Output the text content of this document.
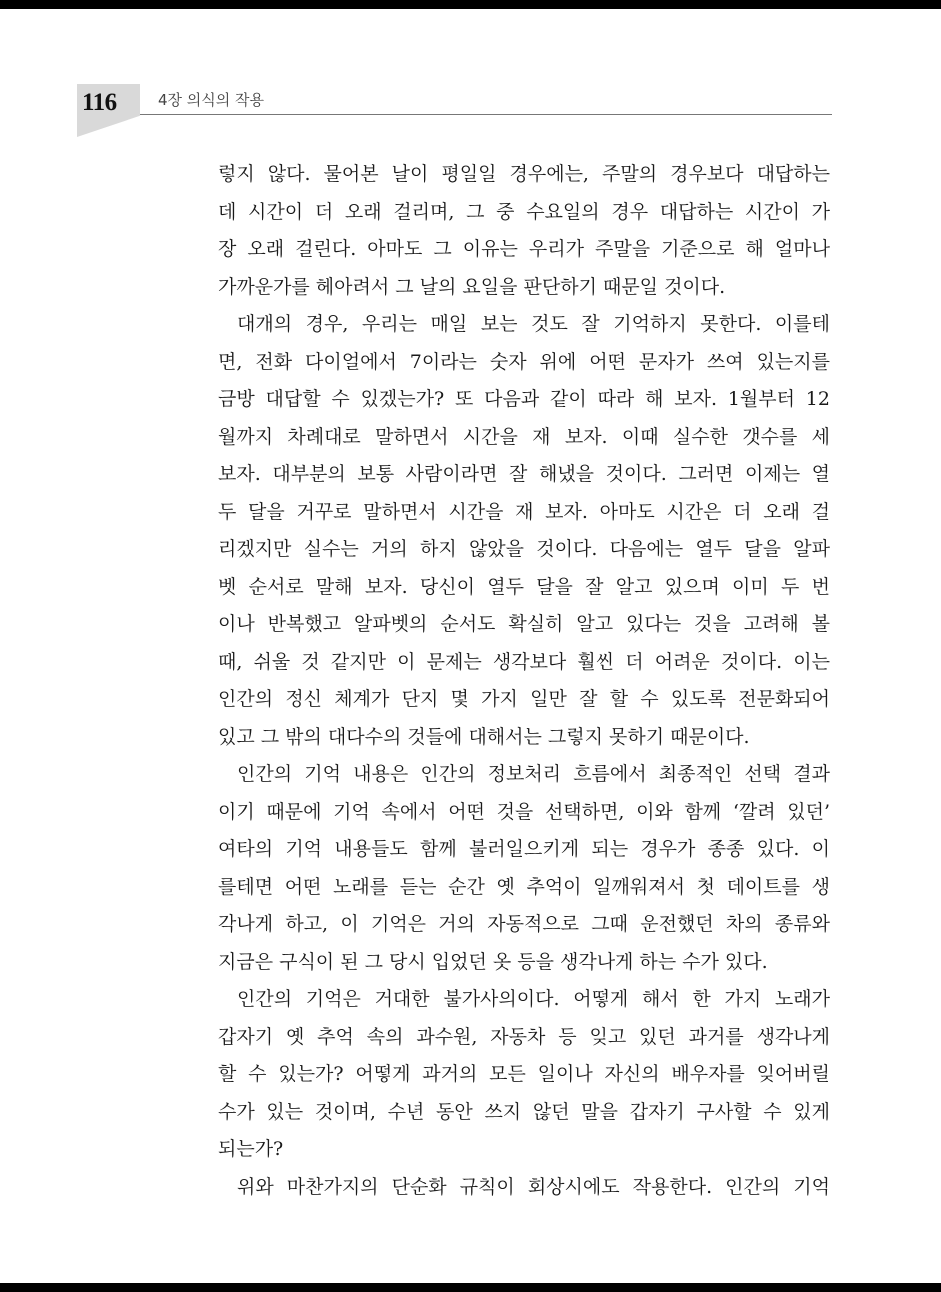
116	4장 의식의 작용
렇지 않다. 물어본 날이 평일일 경우에는, 주말의 경우보다 대답하는
데 시간이 더 오래 걸리며, 그 중 수요일의 경우 대답하는 시간이 가
장 오래 걸린다. 아마도 그 이유는 우리가 주말을 기준으로 해 얼마나
가까운가를 헤아려서 그 날의 요일을 판단하기 때문일 것이다.
대개의 경우, 우리는 매일 보는 것도 잘 기억하지 못한다. 이를테
면, 전화 다이얼에서 7이라는 숫자 위에 어떤 문자가 쓰여 있는지를
금방 대답할 수 있겠는가? 또 다음과 같이 따라 해 보자. 1월부터 12
월까지 차례대로 말하면서 시간을 재 보자. 이때 실수한 갯수를 세
보자. 대부분의 보통 사람이라면 잘 해냈을 것이다. 그러면 이제는 열
두 달을 거꾸로 말하면서 시간을 재 보자. 아마도 시간은 더 오래 걸
리겠지만 실수는 거의 하지 않았을 것이다. 다음에는 열두 달을 알파
벳 순서로 말해 보자. 당신이 열두 달을 잘 알고 있으며 이미 두 번
이나 반복했고 알파벳의 순서도 확실히 알고 있다는 것을 고려해 볼
때, 쉬울 것 같지만 이 문제는 생각보다 훨씬 더 어려운 것이다. 이는
인간의 정신 체계가 단지 몇 가지 일만 잘 할 수 있도록 전문화되어
있고 그 밖의 대다수의 것들에 대해서는 그렇지 못하기 때문이다.
인간의 기억 내용은 인간의 정보처리 흐름에서 최종적인 선택 결과
이기 때문에 기억 속에서 어떤 것을 선택하면, 이와 함께 ‘깔려 있던’
여타의 기억 내용들도 함께 불러일으키게 되는 경우가 종종 있다. 이
를테면 어떤 노래를 듣는 순간 옛 추억이 일깨워져서 첫 데이트를 생
각나게 하고, 이 기억은 거의 자동적으로 그때 운전했던 차의 종류와
지금은 구식이 된 그 당시 입었던 옷 등을 생각나게 하는 수가 있다.
인간의 기억은 거대한 불가사의이다. 어떻게 해서 한 가지 노래가
갑자기 옛 추억 속의 과수원, 자동차 등 잊고 있던 과거를 생각나게
할 수 있는가? 어떻게 과거의 모든 일이나 자신의 배우자를 잊어버릴
수가 있는 것이며, 수년 동안 쓰지 않던 말을 갑자기 구사할 수 있게
되는가?
위와 마찬가지의 단순화 규칙이 회상시에도 작용한다. 인간의 기억
